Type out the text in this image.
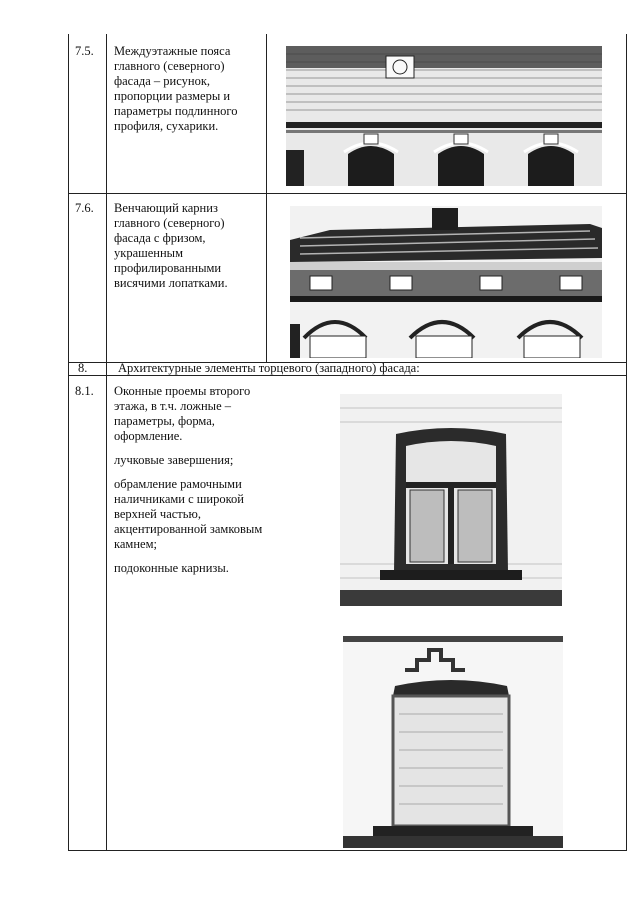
7.5. Междуэтажные пояса главного (северного) фасада – рисунок, пропорции размеры и параметры подлинного профиля, сухарики.
7.6. Венчающий карниз главного (северного) фасада с фризом, украшенным профилированными висячими лопатками.
8. Архитектурные элементы торцевого (западного) фасада:
8.1. Оконные проемы второго этажа, в т.ч. ложные – параметры, форма, оформление.

лучковые завершения;

обрамление рамочными наличниками с широкой верхней частью, акцентированной замковым камнем;

подоконные карнизы.
